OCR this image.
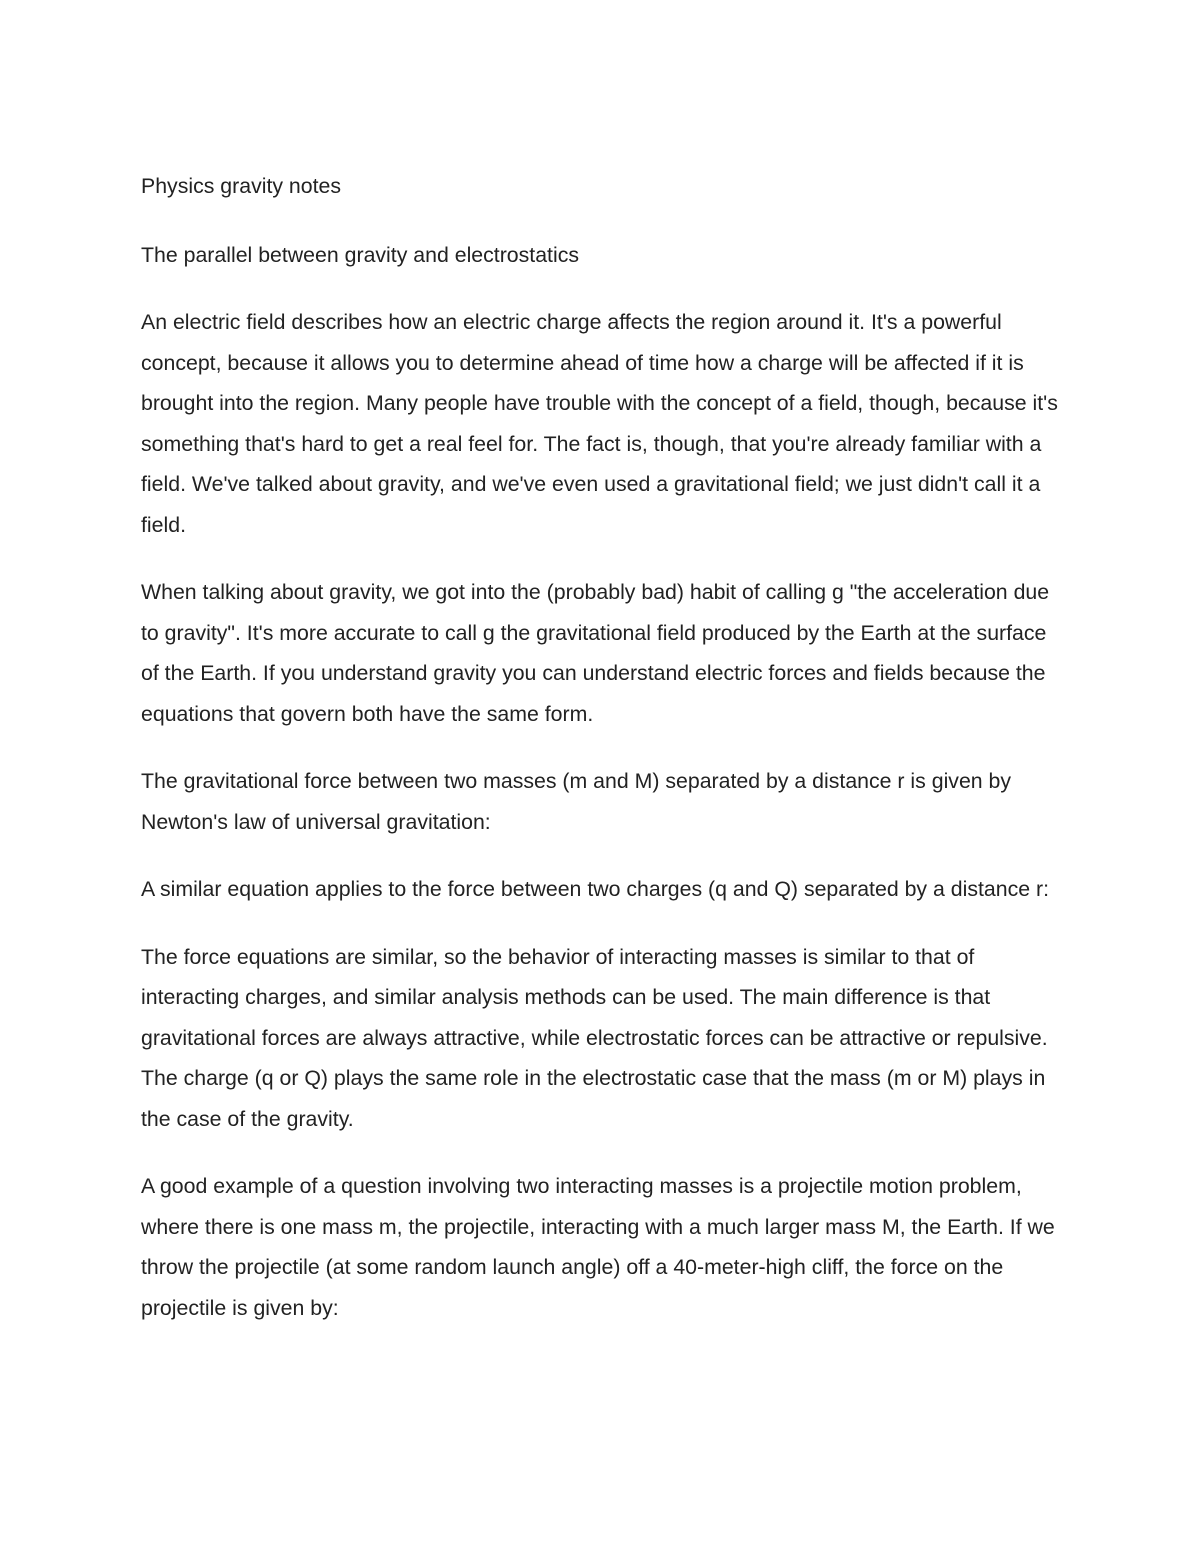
Physics gravity notes

The parallel between gravity and electrostatics

An electric field describes how an electric charge affects the region around it. It's a powerful concept, because it allows you to determine ahead of time how a charge will be affected if it is brought into the region. Many people have trouble with the concept of a field, though, because it's something that's hard to get a real feel for. The fact is, though, that you're already familiar with a field. We've talked about gravity, and we've even used a gravitational field; we just didn't call it a field.

When talking about gravity, we got into the (probably bad) habit of calling g "the acceleration due to gravity". It's more accurate to call g the gravitational field produced by the Earth at the surface of the Earth. If you understand gravity you can understand electric forces and fields because the equations that govern both have the same form.

The gravitational force between two masses (m and M) separated by a distance r is given by Newton's law of universal gravitation:

A similar equation applies to the force between two charges (q and Q) separated by a distance r:

The force equations are similar, so the behavior of interacting masses is similar to that of interacting charges, and similar analysis methods can be used. The main difference is that gravitational forces are always attractive, while electrostatic forces can be attractive or repulsive. The charge (q or Q) plays the same role in the electrostatic case that the mass (m or M) plays in the case of the gravity.

A good example of a question involving two interacting masses is a projectile motion problem, where there is one mass m, the projectile, interacting with a much larger mass M, the Earth. If we throw the projectile (at some random launch angle) off a 40-meter-high cliff, the force on the projectile is given by:
